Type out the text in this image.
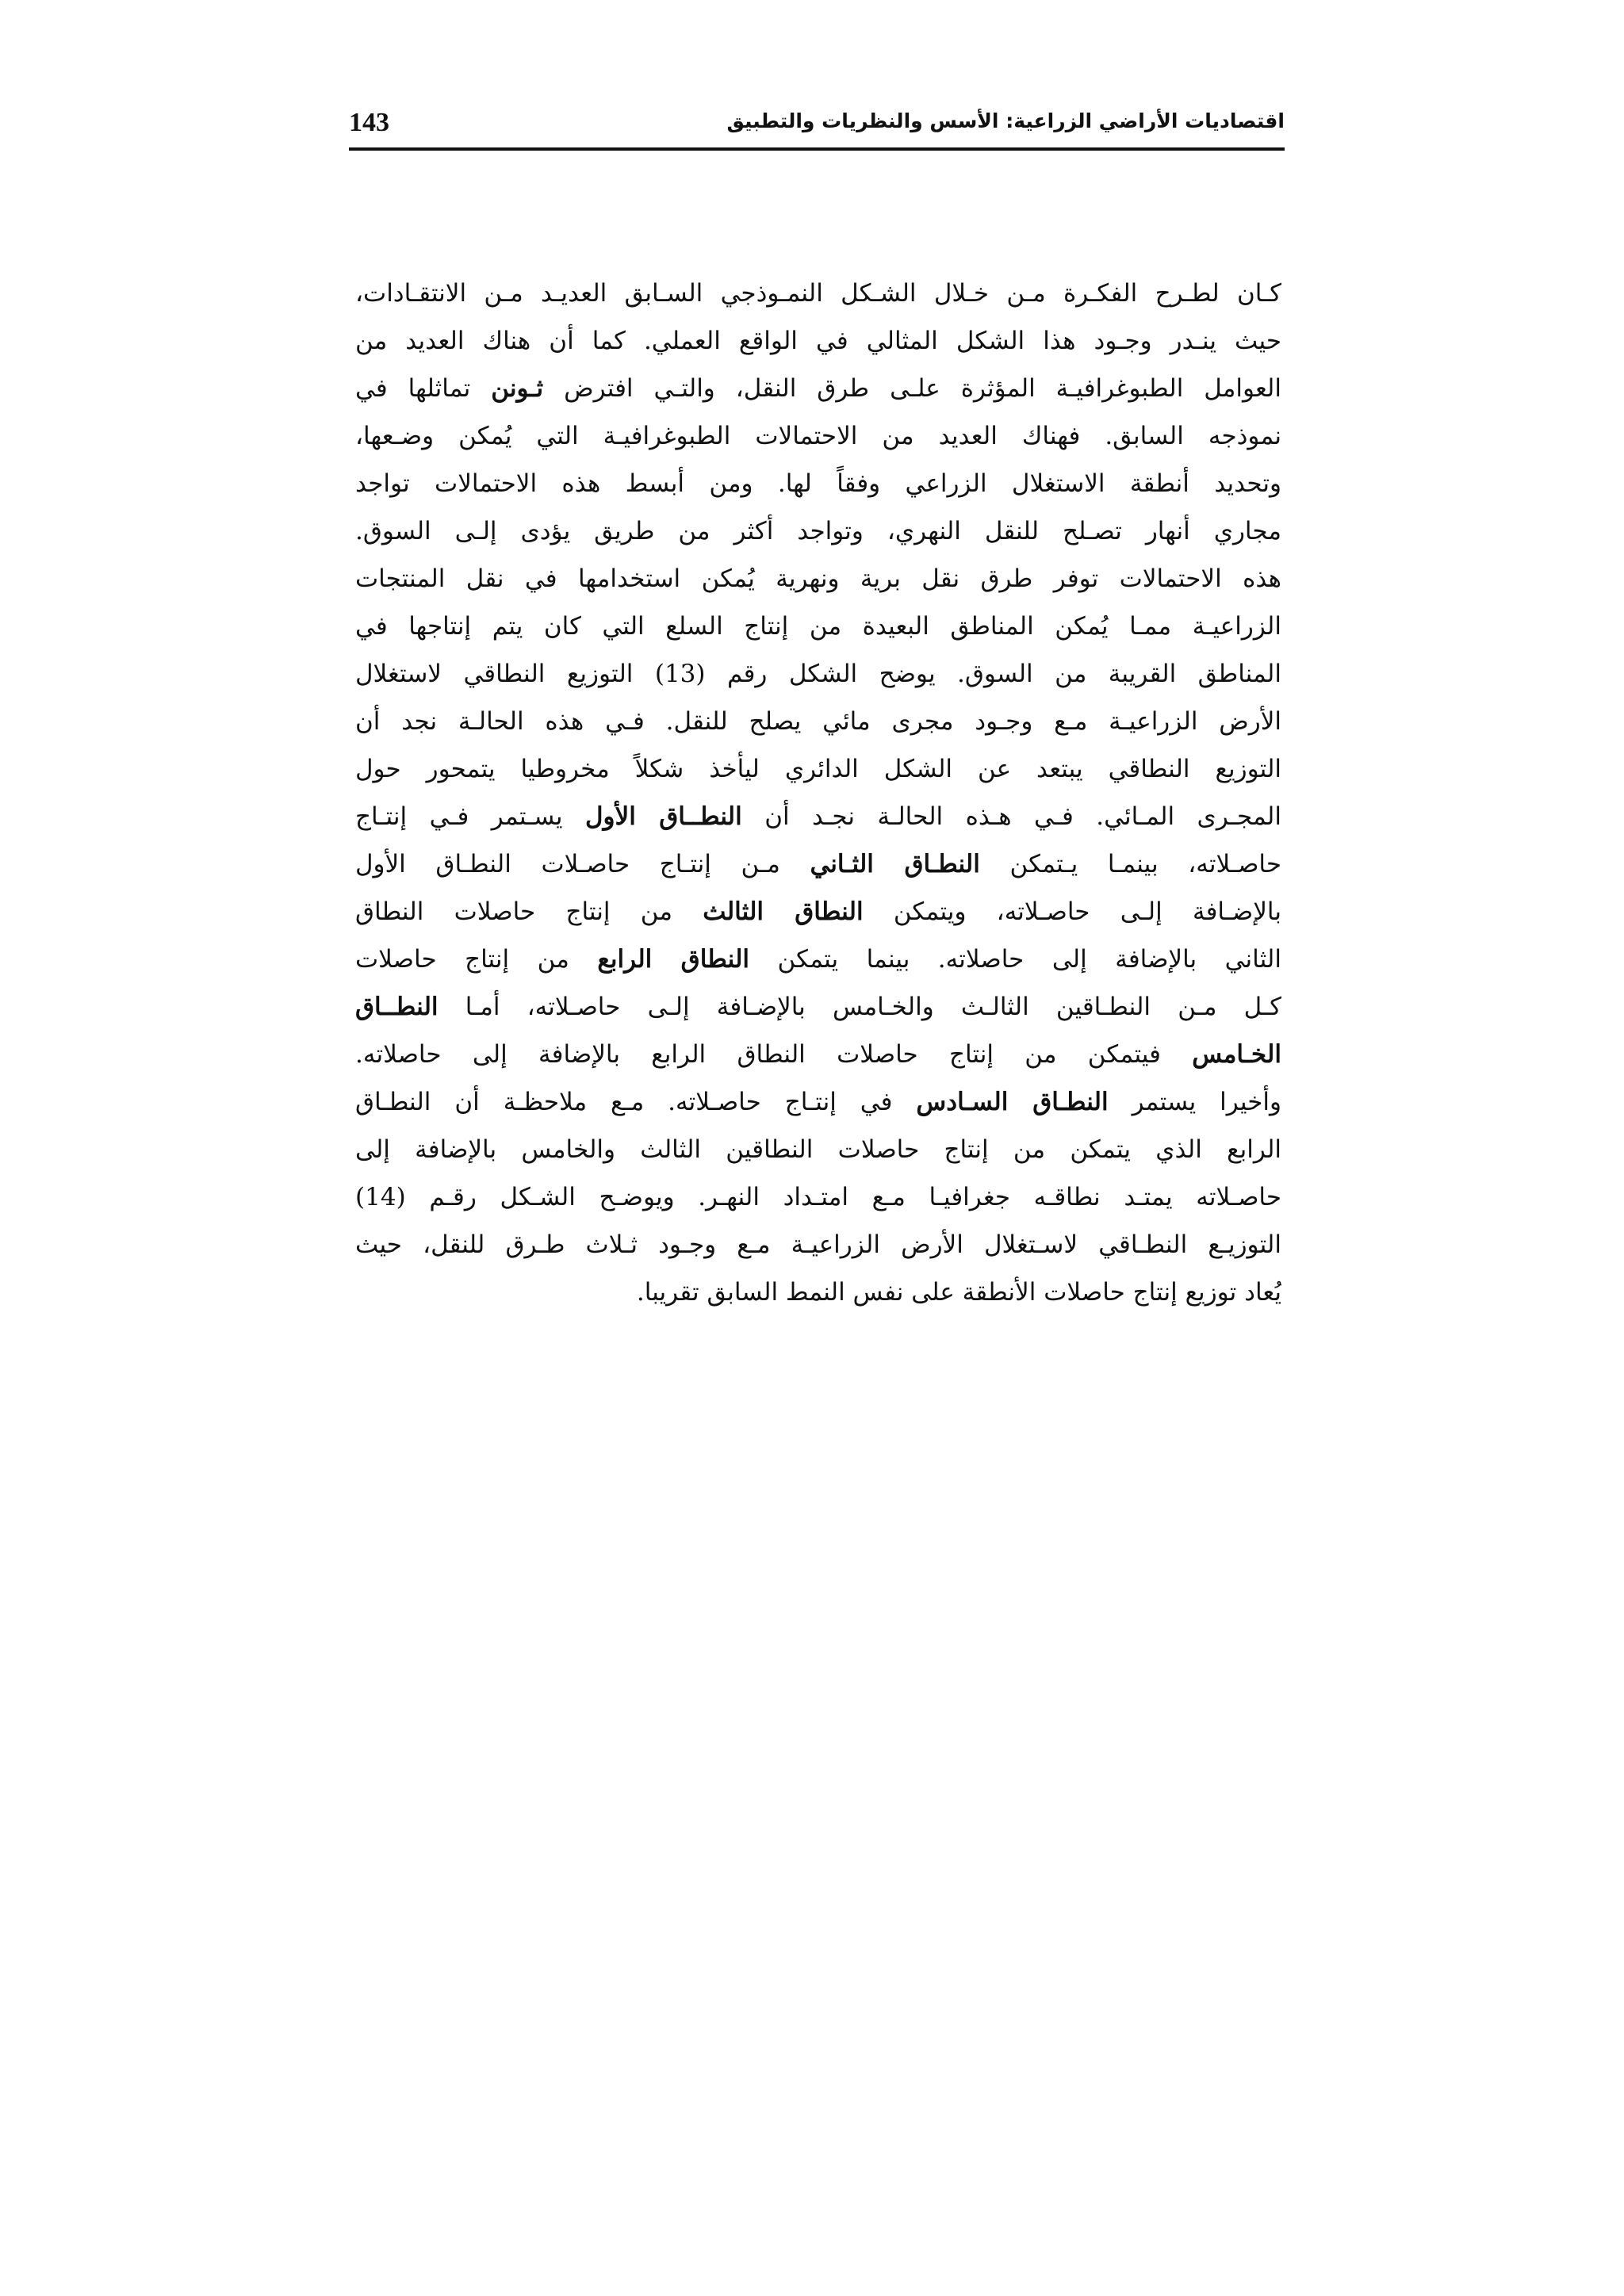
143	اقتصاديات الأراضي الزراعية: الأسس والنظريات والتطبيق
كـان لطـرح الفكـرة مـن خـلال الشـكل النمـوذجي السـابق العديـد مـن الانتقـادات،
حيث ينـدر وجـود هذا الشكل المثالي في الواقع العملي. كما أن هناك العديد من
العوامل الطبوغرافيـة المؤثرة علـى طرق النقل، والتـي افترض ثـونن تماثلها في
نموذجه السابق. فهناك العديد من الاحتمالات الطبوغرافيـة التي يُمكن وضـعها،
وتحديد أنطقة الاستغلال الزراعي وفقاً لها. ومن أبسط هذه الاحتمالات تواجد
مجاري أنهار تصـلح للنقل النهري، وتواجد أكثر من طريق يؤدى إلـى السوق.
هذه الاحتمالات توفر طرق نقل برية ونهرية يُمكن استخدامها في نقل المنتجات
الزراعيـة ممـا يُمكن المناطق البعيدة من إنتاج السلع التي كان يتم إنتاجها في
المناطق القريبة من السوق. يوضح الشكل رقم (13) التوزيع النطاقي لاستغلال
الأرض الزراعيـة مـع وجـود مجرى مائي يصلح للنقل. فـي هذه الحالـة نجد أن
التوزيع النطاقي يبتعد عن الشكل الدائري ليأخذ شكلاً مخروطيا يتمحور حول
المجـرى المـائي. فـي هـذه الحالـة نجـد أن النطــاق الأول يسـتمر فـي إنتـاج
حاصـلاته، بينمـا يـتمكن النطـاق الثـاني مـن إنتـاج حاصـلات النطـاق الأول
بالإضـافة إلـى حاصـلاته، ويتمكن النطاق الثالث من إنتاج حاصلات النطاق
الثاني بالإضافة إلى حاصلاته. بينما يتمكن النطاق الرابع من إنتاج حاصلات
كـل مـن النطـاقين الثالـث والخـامس بالإضـافة إلـى حاصـلاته، أمـا النطــاق
الخـامس فيتمكن من إنتاج حاصلات النطاق الرابع بالإضافة إلى حاصلاته.
وأخيرا يستمر النطـاق السـادس في إنتـاج حاصـلاته. مـع ملاحظـة أن النطـاق
الرابع الذي يتمكن من إنتاج حاصلات النطاقين الثالث والخامس بالإضافة إلى
حاصـلاته يمتـد نطاقـه جغرافيـا مـع امتـداد النهـر. ويوضـح الشـكل رقـم (14)
التوزيـع النطـاقي لاسـتغلال الأرض الزراعيـة مـع وجـود ثـلاث طـرق للنقل، حيث
يُعاد توزيع إنتاج حاصلات الأنطقة على نفس النمط السابق تقريبا.
